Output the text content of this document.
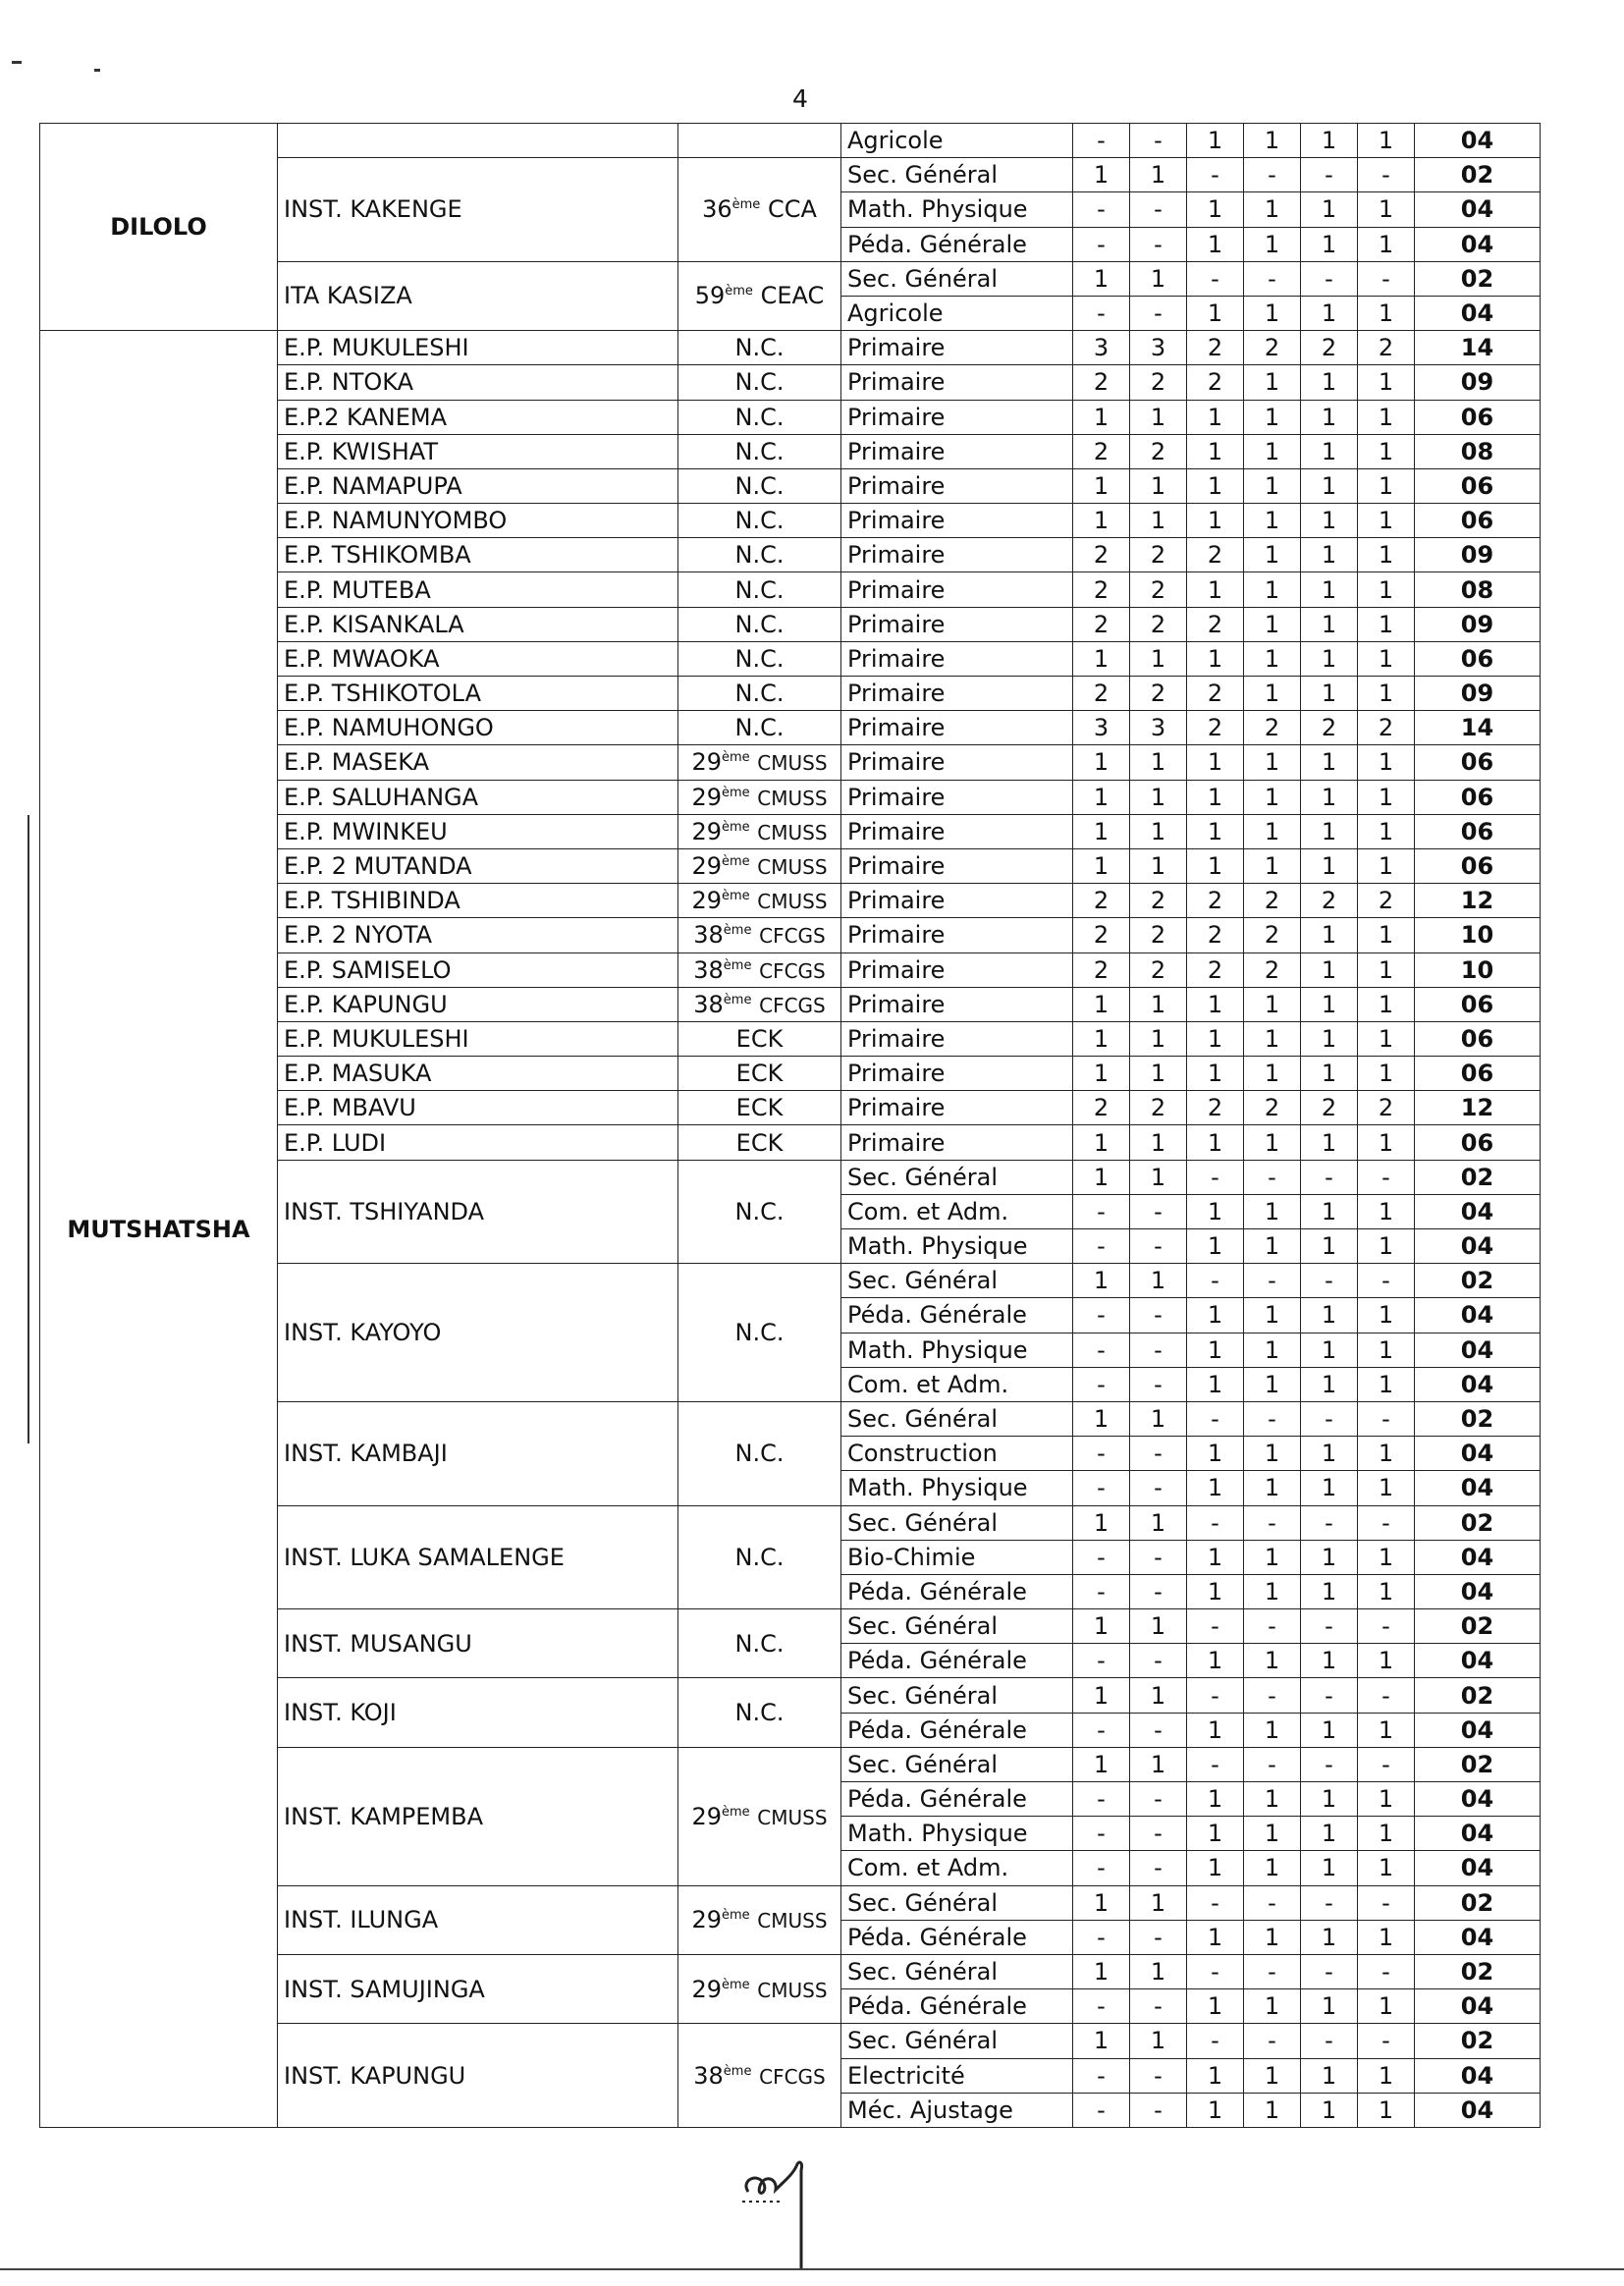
4
DILOLO			Agricole	-	-	1	1	1	1	04
	INST. KAKENGE	36ème CCA	Sec. Général	1	1	-	-	-	-	02
			Math. Physique	-	-	1	1	1	1	04
			Péda. Générale	-	-	1	1	1	1	04
	ITA KASIZA	59ème CEAC	Sec. Général	1	1	-	-	-	-	02
			Agricole	-	-	1	1	1	1	04
MUTSHATSHA	E.P. MUKULESHI	N.C.	Primaire	3	3	2	2	2	2	14
	E.P. NTOKA	N.C.	Primaire	2	2	2	1	1	1	09
	E.P.2 KANEMA	N.C.	Primaire	1	1	1	1	1	1	06
	E.P. KWISHAT	N.C.	Primaire	2	2	1	1	1	1	08
	E.P. NAMAPUPA	N.C.	Primaire	1	1	1	1	1	1	06
	E.P. NAMUNYOMBO	N.C.	Primaire	1	1	1	1	1	1	06
	E.P. TSHIKOMBA	N.C.	Primaire	2	2	2	1	1	1	09
	E.P. MUTEBA	N.C.	Primaire	2	2	1	1	1	1	08
	E.P. KISANKALA	N.C.	Primaire	2	2	2	1	1	1	09
	E.P. MWAOKA	N.C.	Primaire	1	1	1	1	1	1	06
	E.P. TSHIKOTOLA	N.C.	Primaire	2	2	2	1	1	1	09
	E.P. NAMUHONGO	N.C.	Primaire	3	3	2	2	2	2	14
	E.P. MASEKA	29ème CMUSS	Primaire	1	1	1	1	1	1	06
	E.P. SALUHANGA	29ème CMUSS	Primaire	1	1	1	1	1	1	06
	E.P. MWINKEU	29ème CMUSS	Primaire	1	1	1	1	1	1	06
	E.P. 2 MUTANDA	29ème CMUSS	Primaire	1	1	1	1	1	1	06
	E.P. TSHIBINDA	29ème CMUSS	Primaire	2	2	2	2	2	2	12
	E.P. 2 NYOTA	38ème CFCGS	Primaire	2	2	2	2	1	1	10
	E.P. SAMISELO	38ème CFCGS	Primaire	2	2	2	2	1	1	10
	E.P. KAPUNGU	38ème CFCGS	Primaire	1	1	1	1	1	1	06
	E.P. MUKULESHI	ECK	Primaire	1	1	1	1	1	1	06
	E.P. MASUKA	ECK	Primaire	1	1	1	1	1	1	06
	E.P. MBAVU	ECK	Primaire	2	2	2	2	2	2	12
	E.P. LUDI	ECK	Primaire	1	1	1	1	1	1	06
	INST. TSHIYANDA	N.C.	Sec. Général	1	1	-	-	-	-	02
			Com. et Adm.	-	-	1	1	1	1	04
			Math. Physique	-	-	1	1	1	1	04
	INST. KAYOYO	N.C.	Sec. Général	1	1	-	-	-	-	02
			Péda. Générale	-	-	1	1	1	1	04
			Math. Physique	-	-	1	1	1	1	04
			Com. et Adm.	-	-	1	1	1	1	04
	INST. KAMBAJI	N.C.	Sec. Général	1	1	-	-	-	-	02
			Construction	-	-	1	1	1	1	04
			Math. Physique	-	-	1	1	1	1	04
	INST. LUKA SAMALENGE	N.C.	Sec. Général	1	1	-	-	-	-	02
			Bio-Chimie	-	-	1	1	1	1	04
			Péda. Générale	-	-	1	1	1	1	04
	INST. MUSANGU	N.C.	Sec. Général	1	1	-	-	-	-	02
			Péda. Générale	-	-	1	1	1	1	04
	INST. KOJI	N.C.	Sec. Général	1	1	-	-	-	-	02
			Péda. Générale	-	-	1	1	1	1	04
	INST. KAMPEMBA	29ème CMUSS	Sec. Général	1	1	-	-	-	-	02
			Péda. Générale	-	-	1	1	1	1	04
			Math. Physique	-	-	1	1	1	1	04
			Com. et Adm.	-	-	1	1	1	1	04
	INST. ILUNGA	29ème CMUSS	Sec. Général	1	1	-	-	-	-	02
			Péda. Générale	-	-	1	1	1	1	04
	INST. SAMUJINGA	29ème CMUSS	Sec. Général	1	1	-	-	-	-	02
			Péda. Générale	-	-	1	1	1	1	04
	INST. KAPUNGU	38ème CFCGS	Sec. Général	1	1	-	-	-	-	02
			Electricité	-	-	1	1	1	1	04
			Méc. Ajustage	-	-	1	1	1	1	04
